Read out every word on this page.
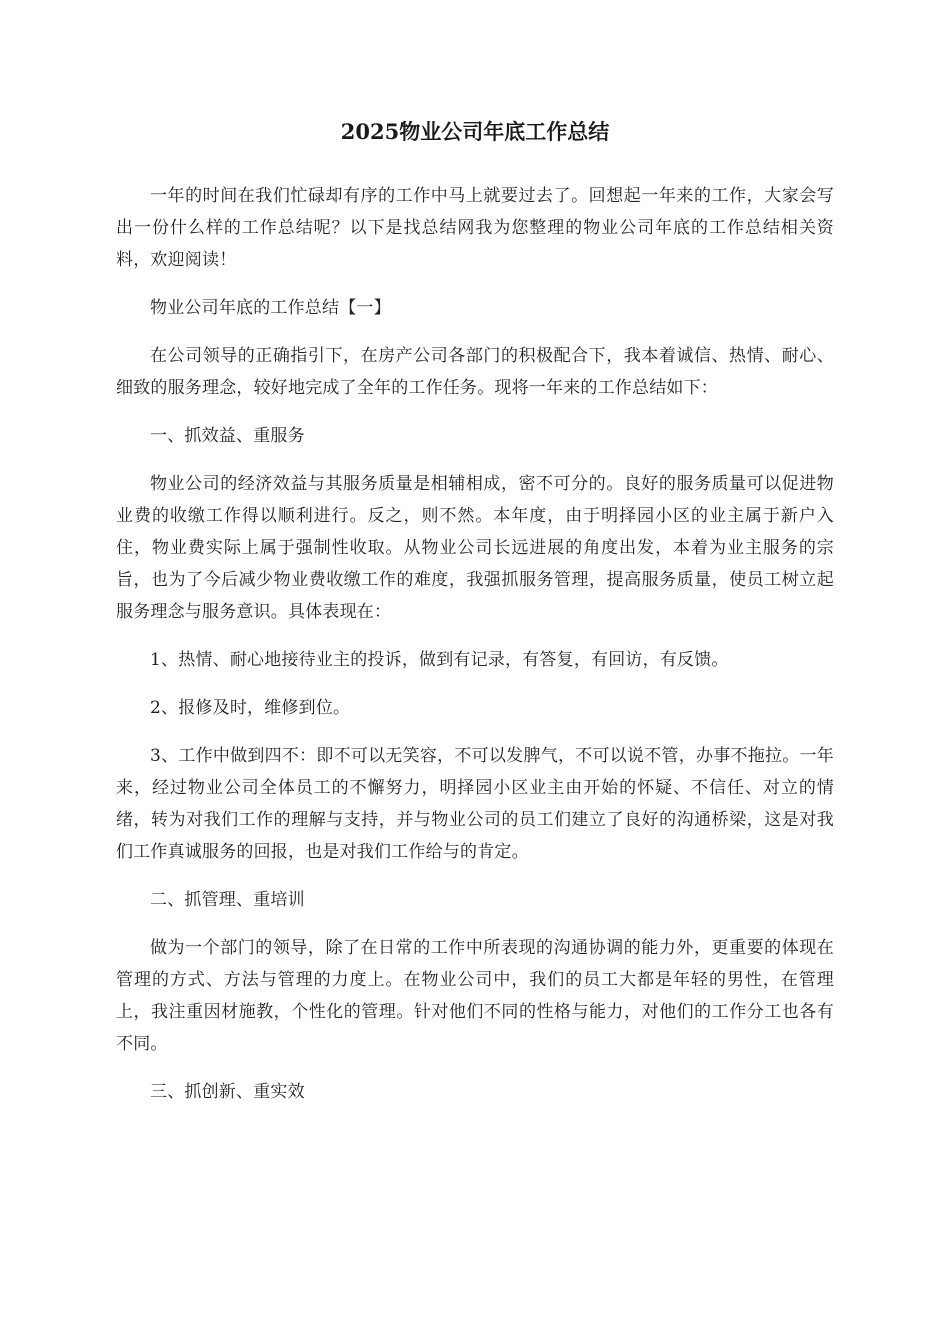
2025物业公司年底工作总结

一年的时间在我们忙碌却有序的工作中马上就要过去了。回想起一年来的工作，大家会写出一份什么样的工作总结呢？以下是找总结网我为您整理的物业公司年底的工作总结相关资料，欢迎阅读！

物业公司年底的工作总结【一】

在公司领导的正确指引下，在房产公司各部门的积极配合下，我本着诚信、热情、耐心、细致的服务理念，较好地完成了全年的工作任务。现将一年来的工作总结如下：

一、抓效益、重服务

物业公司的经济效益与其服务质量是相辅相成，密不可分的。良好的服务质量可以促进物业费的收缴工作得以顺利进行。反之，则不然。本年度，由于明择园小区的业主属于新户入住，物业费实际上属于强制性收取。从物业公司长远进展的角度出发，本着为业主服务的宗旨，也为了今后减少物业费收缴工作的难度，我强抓服务管理，提高服务质量，使员工树立起服务理念与服务意识。具体表现在：

1、热情、耐心地接待业主的投诉，做到有记录，有答复，有回访，有反馈。

2、报修及时，维修到位。

3、工作中做到四不：即不可以无笑容，不可以发脾气，不可以说不管，办事不拖拉。一年来，经过物业公司全体员工的不懈努力，明择园小区业主由开始的怀疑、不信任、对立的情绪，转为对我们工作的理解与支持，并与物业公司的员工们建立了良好的沟通桥梁，这是对我们工作真诚服务的回报，也是对我们工作给与的肯定。

二、抓管理、重培训

做为一个部门的领导，除了在日常的工作中所表现的沟通协调的能力外，更重要的体现在管理的方式、方法与管理的力度上。在物业公司中，我们的员工大都是年轻的男性，在管理上，我注重因材施教，个性化的管理。针对他们不同的性格与能力，对他们的工作分工也各有不同。

三、抓创新、重实效
